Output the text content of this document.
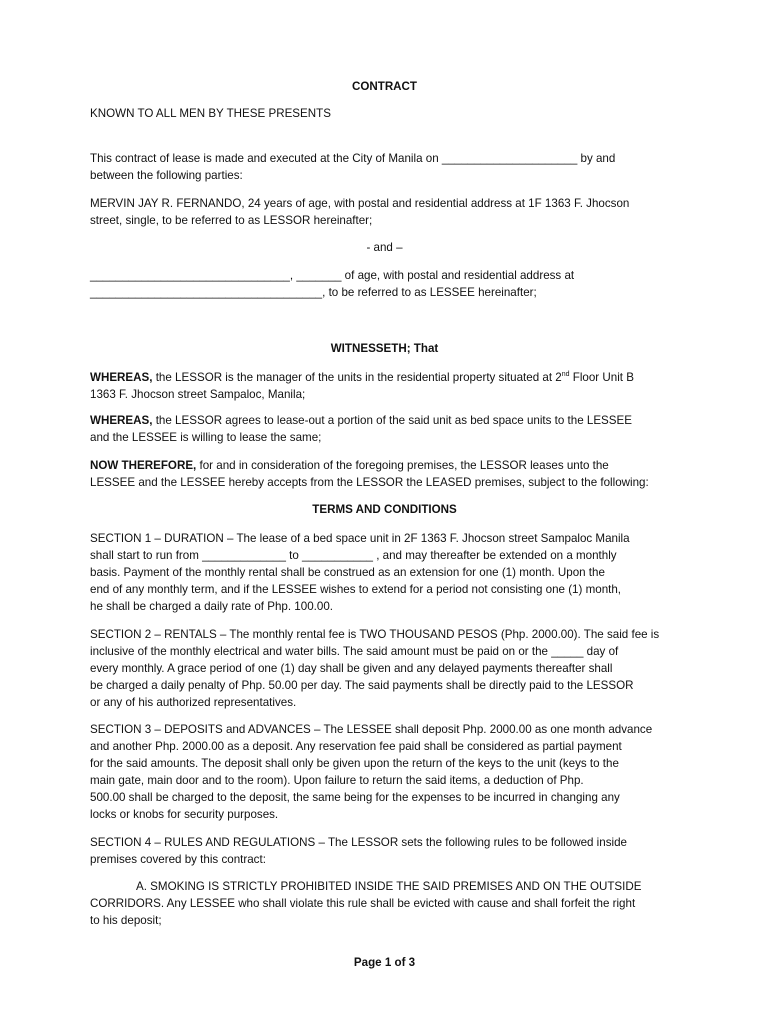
CONTRACT
KNOWN TO ALL MEN BY THESE PRESENTS
This contract of lease is made and executed at the City of Manila on _____________________ by and
between the following parties:
MERVIN JAY R. FERNANDO, 24 years of age, with postal and residential address at 1F 1363 F. Jhocson
street, single, to be referred to as LESSOR hereinafter;
- and –
_______________________________, _______ of age, with postal and residential address at
____________________________________, to be referred to as LESSEE hereinafter;
WITNESSETH; That
WHEREAS, the LESSOR is the manager of the units in the residential property situated at 2nd Floor Unit B
1363 F. Jhocson street Sampaloc, Manila;
WHEREAS, the LESSOR agrees to lease-out a portion of the said unit as bed space units to the LESSEE
and the LESSEE is willing to lease the same;
NOW THEREFORE, for and in consideration of the foregoing premises, the LESSOR leases unto the
LESSEE and the LESSEE hereby accepts from the LESSOR the LEASED premises, subject to the following:
TERMS AND CONDITIONS
SECTION 1 – DURATION – The lease of a bed space unit in 2F 1363 F. Jhocson street Sampaloc Manila
shall start to run from _____________ to ___________ , and may thereafter be extended on a monthly
basis. Payment of the monthly rental shall be construed as an extension for one (1) month. Upon the
end of any monthly term, and if the LESSEE wishes to extend for a period not consisting one (1) month,
he shall be charged a daily rate of Php. 100.00.
SECTION 2 – RENTALS – The monthly rental fee is TWO THOUSAND PESOS (Php. 2000.00). The said fee is
inclusive of the monthly electrical and water bills. The said amount must be paid on or the _____ day of
every monthly. A grace period of one (1) day shall be given and any delayed payments thereafter shall
be charged a daily penalty of Php. 50.00 per day. The said payments shall be directly paid to the LESSOR
or any of his authorized representatives.
SECTION 3 – DEPOSITS and ADVANCES – The LESSEE shall deposit Php. 2000.00 as one month advance
and another Php. 2000.00 as a deposit. Any reservation fee paid shall be considered as partial payment
for the said amounts. The deposit shall only be given upon the return of the keys to the unit (keys to the
main gate, main door and to the room). Upon failure to return the said items, a deduction of Php.
500.00 shall be charged to the deposit, the same being for the expenses to be incurred in changing any
locks or knobs for security purposes.
SECTION 4 – RULES AND REGULATIONS – The LESSOR sets the following rules to be followed inside
premises covered by this contract:
A. SMOKING IS STRICTLY PROHIBITED INSIDE THE SAID PREMISES AND ON THE OUTSIDE
CORRIDORS. Any LESSEE who shall violate this rule shall be evicted with cause and shall forfeit the right
to his deposit;
Page 1 of 3
